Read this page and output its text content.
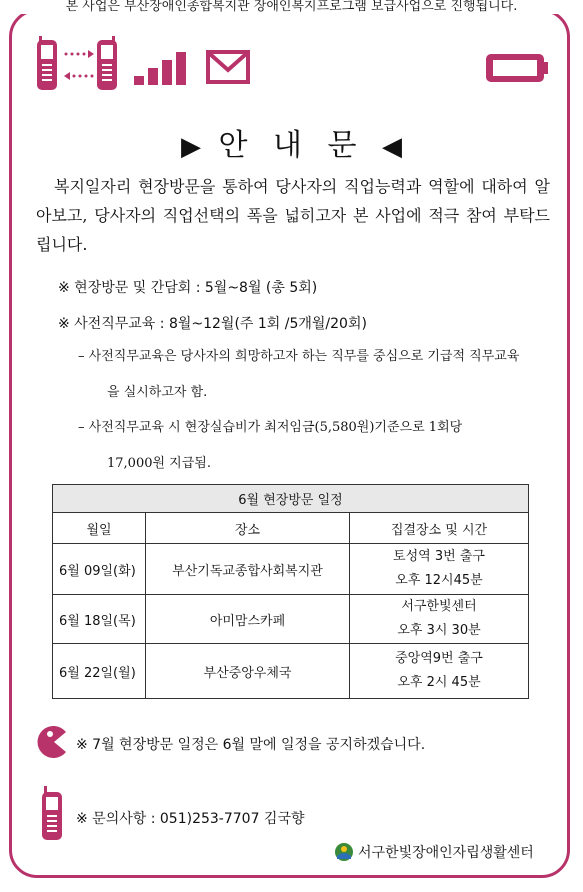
본 사업은 부산장애인종합복지관 장애인복지프로그램 보급사업으로 진행됩니다.
▶ 안 내 문 ◀
복지일자리 현장방문을 통하여 당사자의 직업능력과 역할에 대하여 알아보고, 당사자의 직업선택의 폭을 넓히고자 본 사업에 적극 참여 부탁드립니다.
※ 현장방문 및 간담회 : 5월~8월 (총 5회)
※ 사전직무교육 : 8월~12월(주 1회 /5개월/20회)
– 사전직무교육은 당사자의 희망하고자 하는 직무를 중심으로 기급적 직무교육
을 실시하고자 함.
– 사전직무교육 시 현장실습비가 최저임금(5,580원)기준으로 1회당
17,000원 지급됨.
6월 현장방문 일정		
월일	장소	집결장소 및 시간
6월 09일(화)	부산기독교종합사회복지관	토성역 3번 출구
오후 12시45분

6월 18일(목)	아미맘스카페	서구한빛센터
오후 3시 30분

6월 22일(월)	부산중앙우체국	중앙역9번 출구
오후 2시 45분
※ 7월 현장방문 일정은 6월 말에 일정을 공지하겠습니다.
※ 문의사항 : 051)253-7707 김국향
서구한빛장애인자립생활센터
